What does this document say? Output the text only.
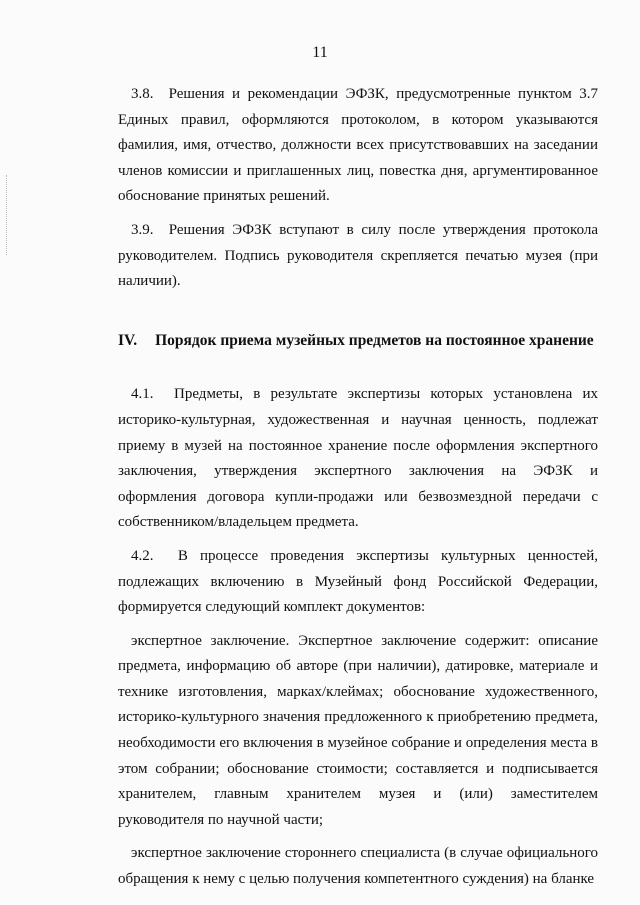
11

3.8. Решения и рекомендации ЭФЗК, предусмотренные пунктом 3.7 Единых правил, оформляются протоколом, в котором указываются фамилия, имя, отчество, должности всех присутствовавших на заседании членов комиссии и приглашенных лиц, повестка дня, аргументированное обоснование принятых решений.

3.9. Решения ЭФЗК вступают в силу после утверждения протокола руководителем. Подпись руководителя скрепляется печатью музея (при наличии).

IV. Порядок приема музейных предметов на постоянное хранение

4.1. Предметы, в результате экспертизы которых установлена их историко-культурная, художественная и научная ценность, подлежат приему в музей на постоянное хранение после оформления экспертного заключения, утверждения экспертного заключения на ЭФЗК и оформления договора купли-продажи или безвозмездной передачи с собственником/владельцем предмета.

4.2. В процессе проведения экспертизы культурных ценностей, подлежащих включению в Музейный фонд Российской Федерации, формируется следующий комплект документов:

экспертное заключение. Экспертное заключение содержит: описание предмета, информацию об авторе (при наличии), датировке, материале и технике изготовления, марках/клеймах; обоснование художественного, историко-культурного значения предложенного к приобретению предмета, необходимости его включения в музейное собрание и определения места в этом собрании; обоснование стоимости; составляется и подписывается хранителем, главным хранителем музея и (или) заместителем руководителя по научной части;

экспертное заключение стороннего специалиста (в случае официального обращения к нему с целью получения компетентного суждения) на бланке
